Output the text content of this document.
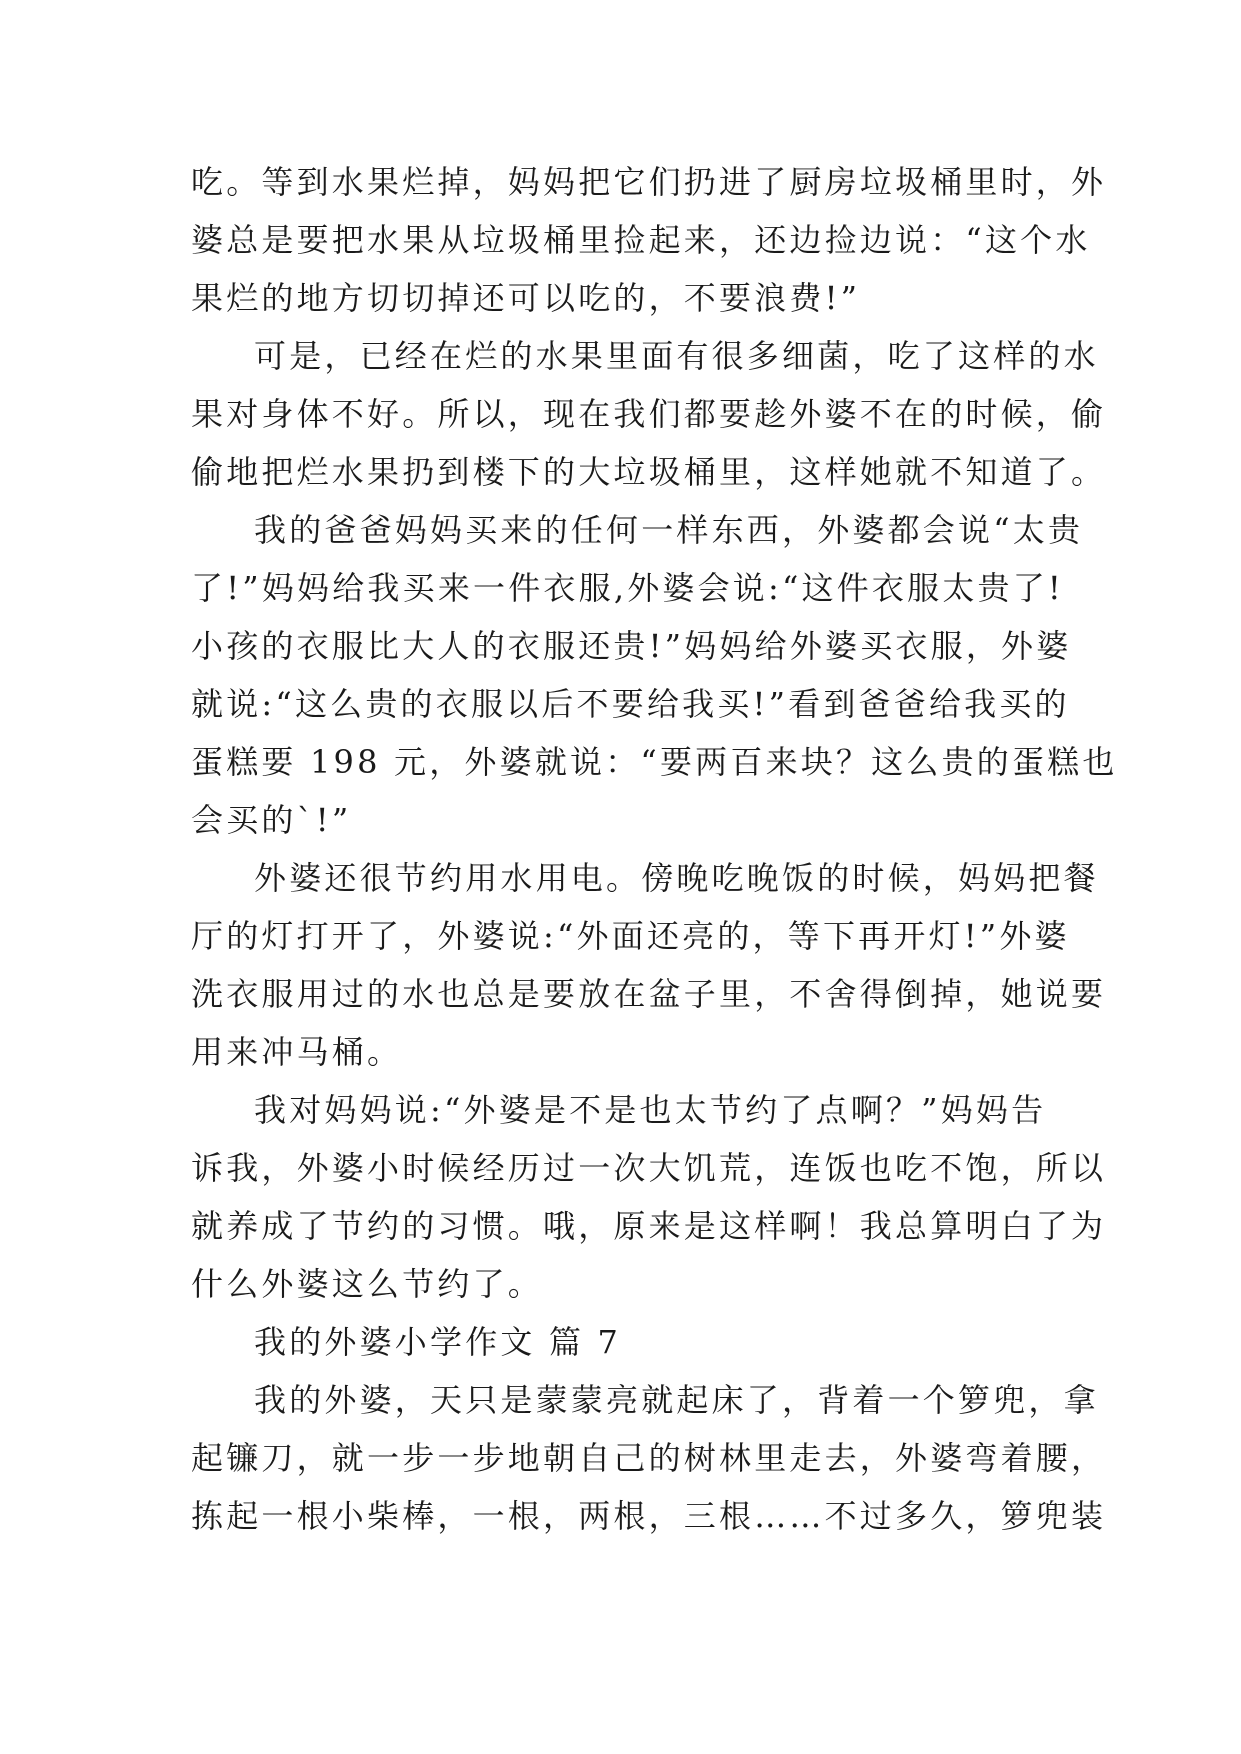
吃。等到水果烂掉，妈妈把它们扔进了厨房垃圾桶里时，外
婆总是要把水果从垃圾桶里捡起来，还边捡边说：“这个水
果烂的地方切切掉还可以吃的，不要浪费!”
可是，已经在烂的水果里面有很多细菌，吃了这样的水
果对身体不好。所以，现在我们都要趁外婆不在的时候，偷
偷地把烂水果扔到楼下的大垃圾桶里，这样她就不知道了。
我的爸爸妈妈买来的任何一样东西，外婆都会说“太贵
了!”妈妈给我买来一件衣服,外婆会说:“这件衣服太贵了!
小孩的衣服比大人的衣服还贵!”妈妈给外婆买衣服，外婆
就说:“这么贵的衣服以后不要给我买!”看到爸爸给我买的
蛋糕要 198 元，外婆就说：“要两百来块？这么贵的蛋糕也
会买的`!”
外婆还很节约用水用电。傍晚吃晚饭的时候，妈妈把餐
厅的灯打开了，外婆说:“外面还亮的，等下再开灯!”外婆
洗衣服用过的水也总是要放在盆子里，不舍得倒掉，她说要
用来冲马桶。
我对妈妈说:“外婆是不是也太节约了点啊？”妈妈告
诉我，外婆小时候经历过一次大饥荒，连饭也吃不饱，所以
就养成了节约的习惯。哦，原来是这样啊！我总算明白了为
什么外婆这么节约了。
我的外婆小学作文 篇 7
我的外婆，天只是蒙蒙亮就起床了，背着一个箩兜，拿
起镰刀，就一步一步地朝自己的树林里走去，外婆弯着腰，
拣起一根小柴棒，一根，两根，三根……不过多久，箩兜装
